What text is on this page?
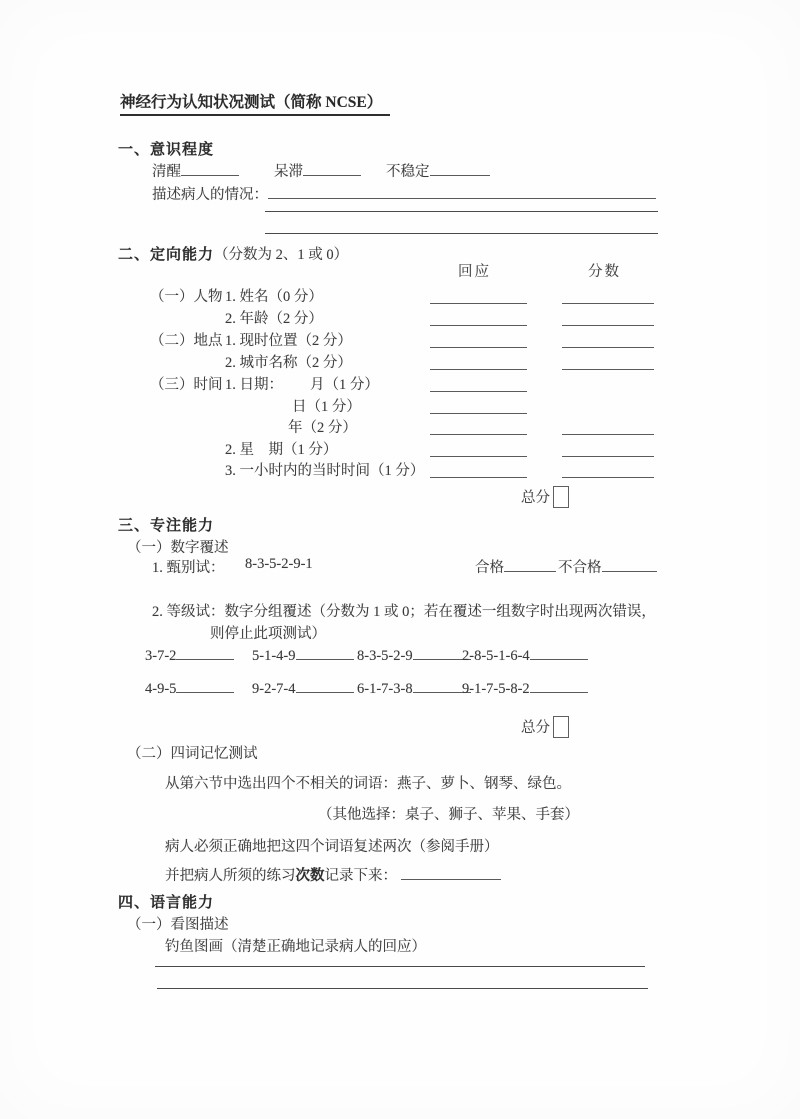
神经行为认知状况测试（简称 NCSE）
一、意识程度
清醒	呆滞	不稳定
描述病人的情况：
二、定向能力（分数为 2、1 或 0）
回应	分数
（一）人物 1. 姓名（0 分）
2. 年龄（2 分）
（二）地点 1. 现时位置（2 分）
2. 城市名称（2 分）
（三）时间 1. 日期： 月（1 分）
日（1 分）
年（2 分）
2. 星　期（1 分）
3. 一小时内的当时时间（1 分）
总分
三、专注能力
（一）数字覆述
1. 甄别试： 8-3-5-2-9-1	合格	不合格
2. 等级试：数字分组覆述（分数为 1 或 0；若在覆述一组数字时出现两次错误，
则停止此项测试）
3-7-2	5-1-4-9	8-3-5-2-9	2-8-5-1-6-4
4-9-5	9-2-7-4	6-1-7-3-8	9-1-7-5-8-2
总分
（二）四词记忆测试
从第六节中选出四个不相关的词语：燕子、萝卜、钢琴、绿色。
（其他选择：桌子、狮子、苹果、手套）
病人必须正确地把这四个词语复述两次（参阅手册）
并把病人所须的练习次数记录下来：
四、语言能力
（一）看图描述
钓鱼图画（清楚正确地记录病人的回应）
